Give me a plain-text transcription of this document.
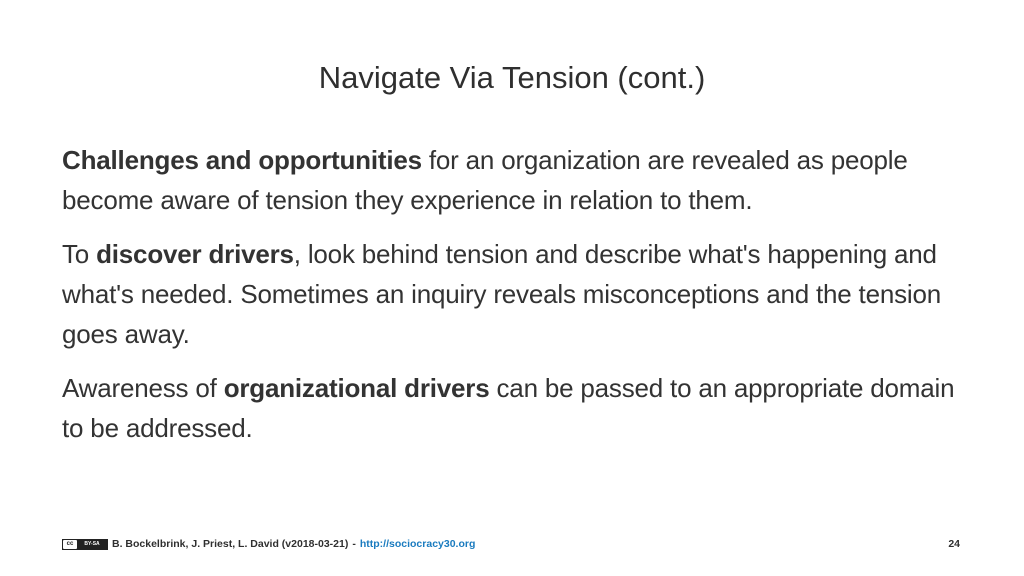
Navigate Via Tension (cont.)

Challenges and opportunities for an organization are revealed as people become aware of tension they experience in relation to them.

To discover drivers, look behind tension and describe what's happening and what's needed. Sometimes an inquiry reveals misconceptions and the tension goes away.

Awareness of organizational drivers can be passed to an appropriate domain to be addressed.

cc	BY-SA	B. Bockelbrink, J. Priest, L. David (v2018-03-21) - http://sociocracy30.org	24
